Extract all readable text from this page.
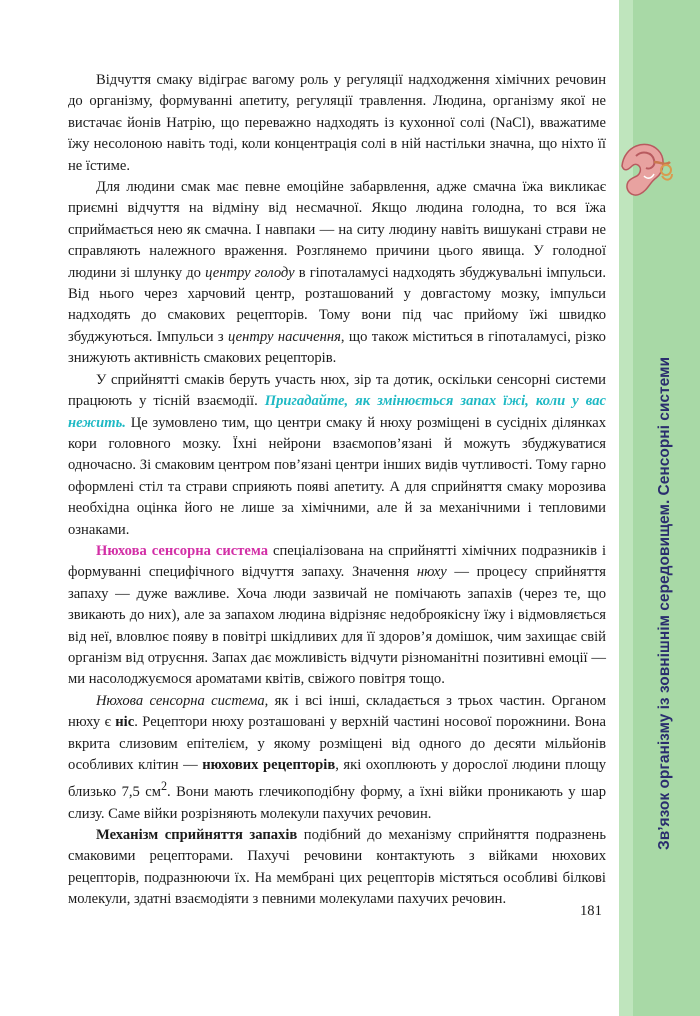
Зв’язок організму із зовнішнім середовищем. Сенсорні системи

Відчуття смаку відіграє вагому роль у регуляції надходження хімічних речовин до організму, формуванні апетиту, регуляції травлення. Людина, організму якої не вистачає йонів Натрію, що переважно надходять із кухонної солі (NaCl), вважатиме їжу несолоною навіть тоді, коли концентрація солі в ній настільки значна, що ніхто її не їстиме.

Для людини смак має певне емоційне забарвлення, адже смачна їжа викликає приємні відчуття на відміну від несмачної. Якщо людина голодна, то вся їжа сприймається нею як смачна. І навпаки — на ситу людину навіть вишукані страви не справляють належного враження. Розглянемо причини цього явища. У голодної людини зі шлунку до центру голоду в гіпоталамусі надходять збуджувальні імпульси. Від нього через харчовий центр, розташований у довгастому мозку, імпульси надходять до смакових рецепторів. Тому вони під час прийому їжі швидко збуджуються. Імпульси з центру насичення, що також міститься в гіпоталамусі, різко знижують активність смакових рецепторів.

У сприйнятті смаків беруть участь нюх, зір та дотик, оскільки сенсорні системи працюють у тісній взаємодії. Пригадайте, як змінюється запах їжі, коли у вас нежить. Це зумовлено тим, що центри смаку й нюху розміщені в сусідніх ділянках кори головного мозку. Їхні нейрони взаємопов’язані й можуть збуджуватися одночасно. Зі смаковим центром пов’язані центри інших видів чутливості. Тому гарно оформлені стіл та страви сприяють появі апетиту. А для сприйняття смаку морозива необхідна оцінка його не лише за хімічними, але й за механічними і тепловими ознаками.

Нюхова сенсорна система спеціалізована на сприйнятті хімічних подразників і формуванні специфічного відчуття запаху. Значення нюху — процесу сприйняття запаху — дуже важливе. Хоча люди зазвичай не помічають запахів (через те, що звикають до них), але за запахом людина відрізняє недоброякісну їжу і відмовляється від неї, вловлює появу в повітрі шкідливих для її здоров’я домішок, чим захищає свій організм від отруєння. Запах дає можливість відчути різноманітні позитивні емоції — ми насолоджуємося ароматами квітів, свіжого повітря тощо.

Нюхова сенсорна система, як і всі інші, складається з трьох частин. Органом нюху є ніс. Рецептори нюху розташовані у верхній частині носової порожнини. Вона вкрита слизовим епітелієм, у якому розміщені від одного до десяти мільйонів особливих клітин — нюхових рецепторів, які охоплюють у дорослої людини площу близько 7,5 $см^2$. Вони мають глечикоподібну форму, а їхні війки проникають у шар слизу. Саме війки розрізняють молекули пахучих речовин.

Механізм сприйняття запахів подібний до механізму сприйняття подразнень смаковими рецепторами. Пахучі речовини контактують з війками нюхових рецепторів, подразнюючи їх. На мембрані цих рецепторів містяться особливі білкові молекули, здатні взаємодіяти з певними молекулами пахучих речовин.

181
